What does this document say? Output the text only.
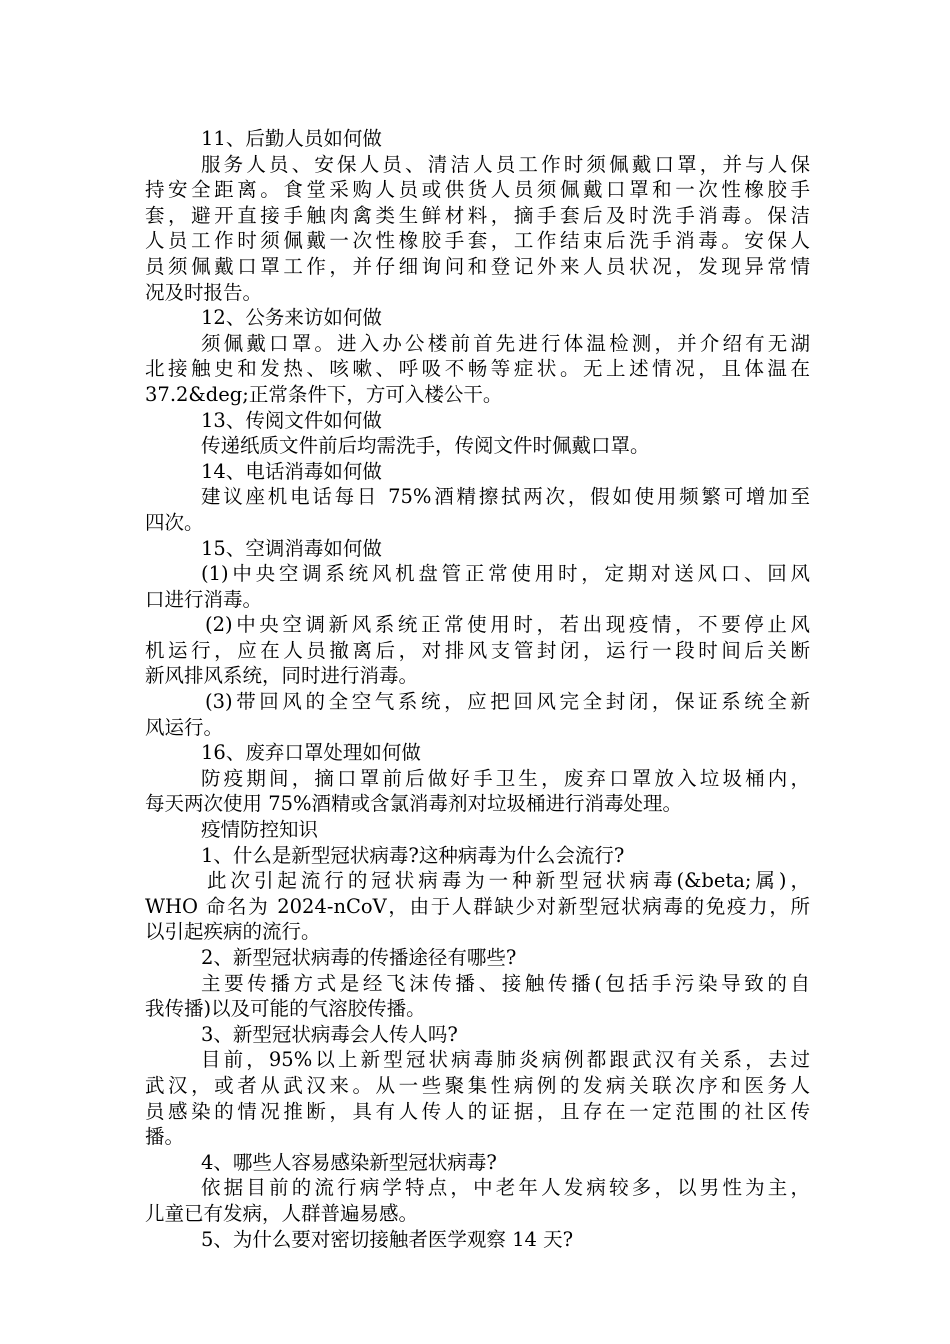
11、后勤人员如何做
服务人员、安保人员、清洁人员工作时须佩戴口罩，并与人保
持安全距离。食堂采购人员或供货人员须佩戴口罩和一次性橡胶手
套，避开直接手触肉禽类生鲜材料，摘手套后及时洗手消毒。保洁
人员工作时须佩戴一次性橡胶手套，工作结束后洗手消毒。安保人
员须佩戴口罩工作，并仔细询问和登记外来人员状况，发现异常情
况及时报告。
12、公务来访如何做
须佩戴口罩。进入办公楼前首先进行体温检测，并介绍有无湖
北接触史和发热、咳嗽、呼吸不畅等症状。无上述情况，且体温在
37.2&deg;正常条件下，方可入楼公干。
13、传阅文件如何做
传递纸质文件前后均需洗手，传阅文件时佩戴口罩。
14、电话消毒如何做
建议座机电话每日 75%酒精擦拭两次，假如使用频繁可增加至
四次。
15、空调消毒如何做
(1)中央空调系统风机盘管正常使用时，定期对送风口、回风
口进行消毒。
(2)中央空调新风系统正常使用时，若出现疫情，不要停止风
机运行，应在人员撤离后，对排风支管封闭，运行一段时间后关断
新风排风系统，同时进行消毒。
(3)带回风的全空气系统，应把回风完全封闭，保证系统全新
风运行。
16、废弃口罩处理如何做
防疫期间，摘口罩前后做好手卫生，废弃口罩放入垃圾桶内，
每天两次使用 75%酒精或含氯消毒剂对垃圾桶进行消毒处理。
疫情防控知识
1、什么是新型冠状病毒?这种病毒为什么会流行?
此次引起流行的冠状病毒为一种新型冠状病毒(&beta;属)，
WHO 命名为 2024-nCoV，由于人群缺少对新型冠状病毒的免疫力，所
以引起疾病的流行。
2、新型冠状病毒的传播途径有哪些?
主要传播方式是经飞沫传播、接触传播(包括手污染导致的自
我传播)以及可能的气溶胶传播。
3、新型冠状病毒会人传人吗?
目前，95%以上新型冠状病毒肺炎病例都跟武汉有关系，去过
武汉，或者从武汉来。从一些聚集性病例的发病关联次序和医务人
员感染的情况推断，具有人传人的证据，且存在一定范围的社区传
播。
4、哪些人容易感染新型冠状病毒?
依据目前的流行病学特点，中老年人发病较多，以男性为主，
儿童已有发病，人群普遍易感。
5、为什么要对密切接触者医学观察 14 天?
